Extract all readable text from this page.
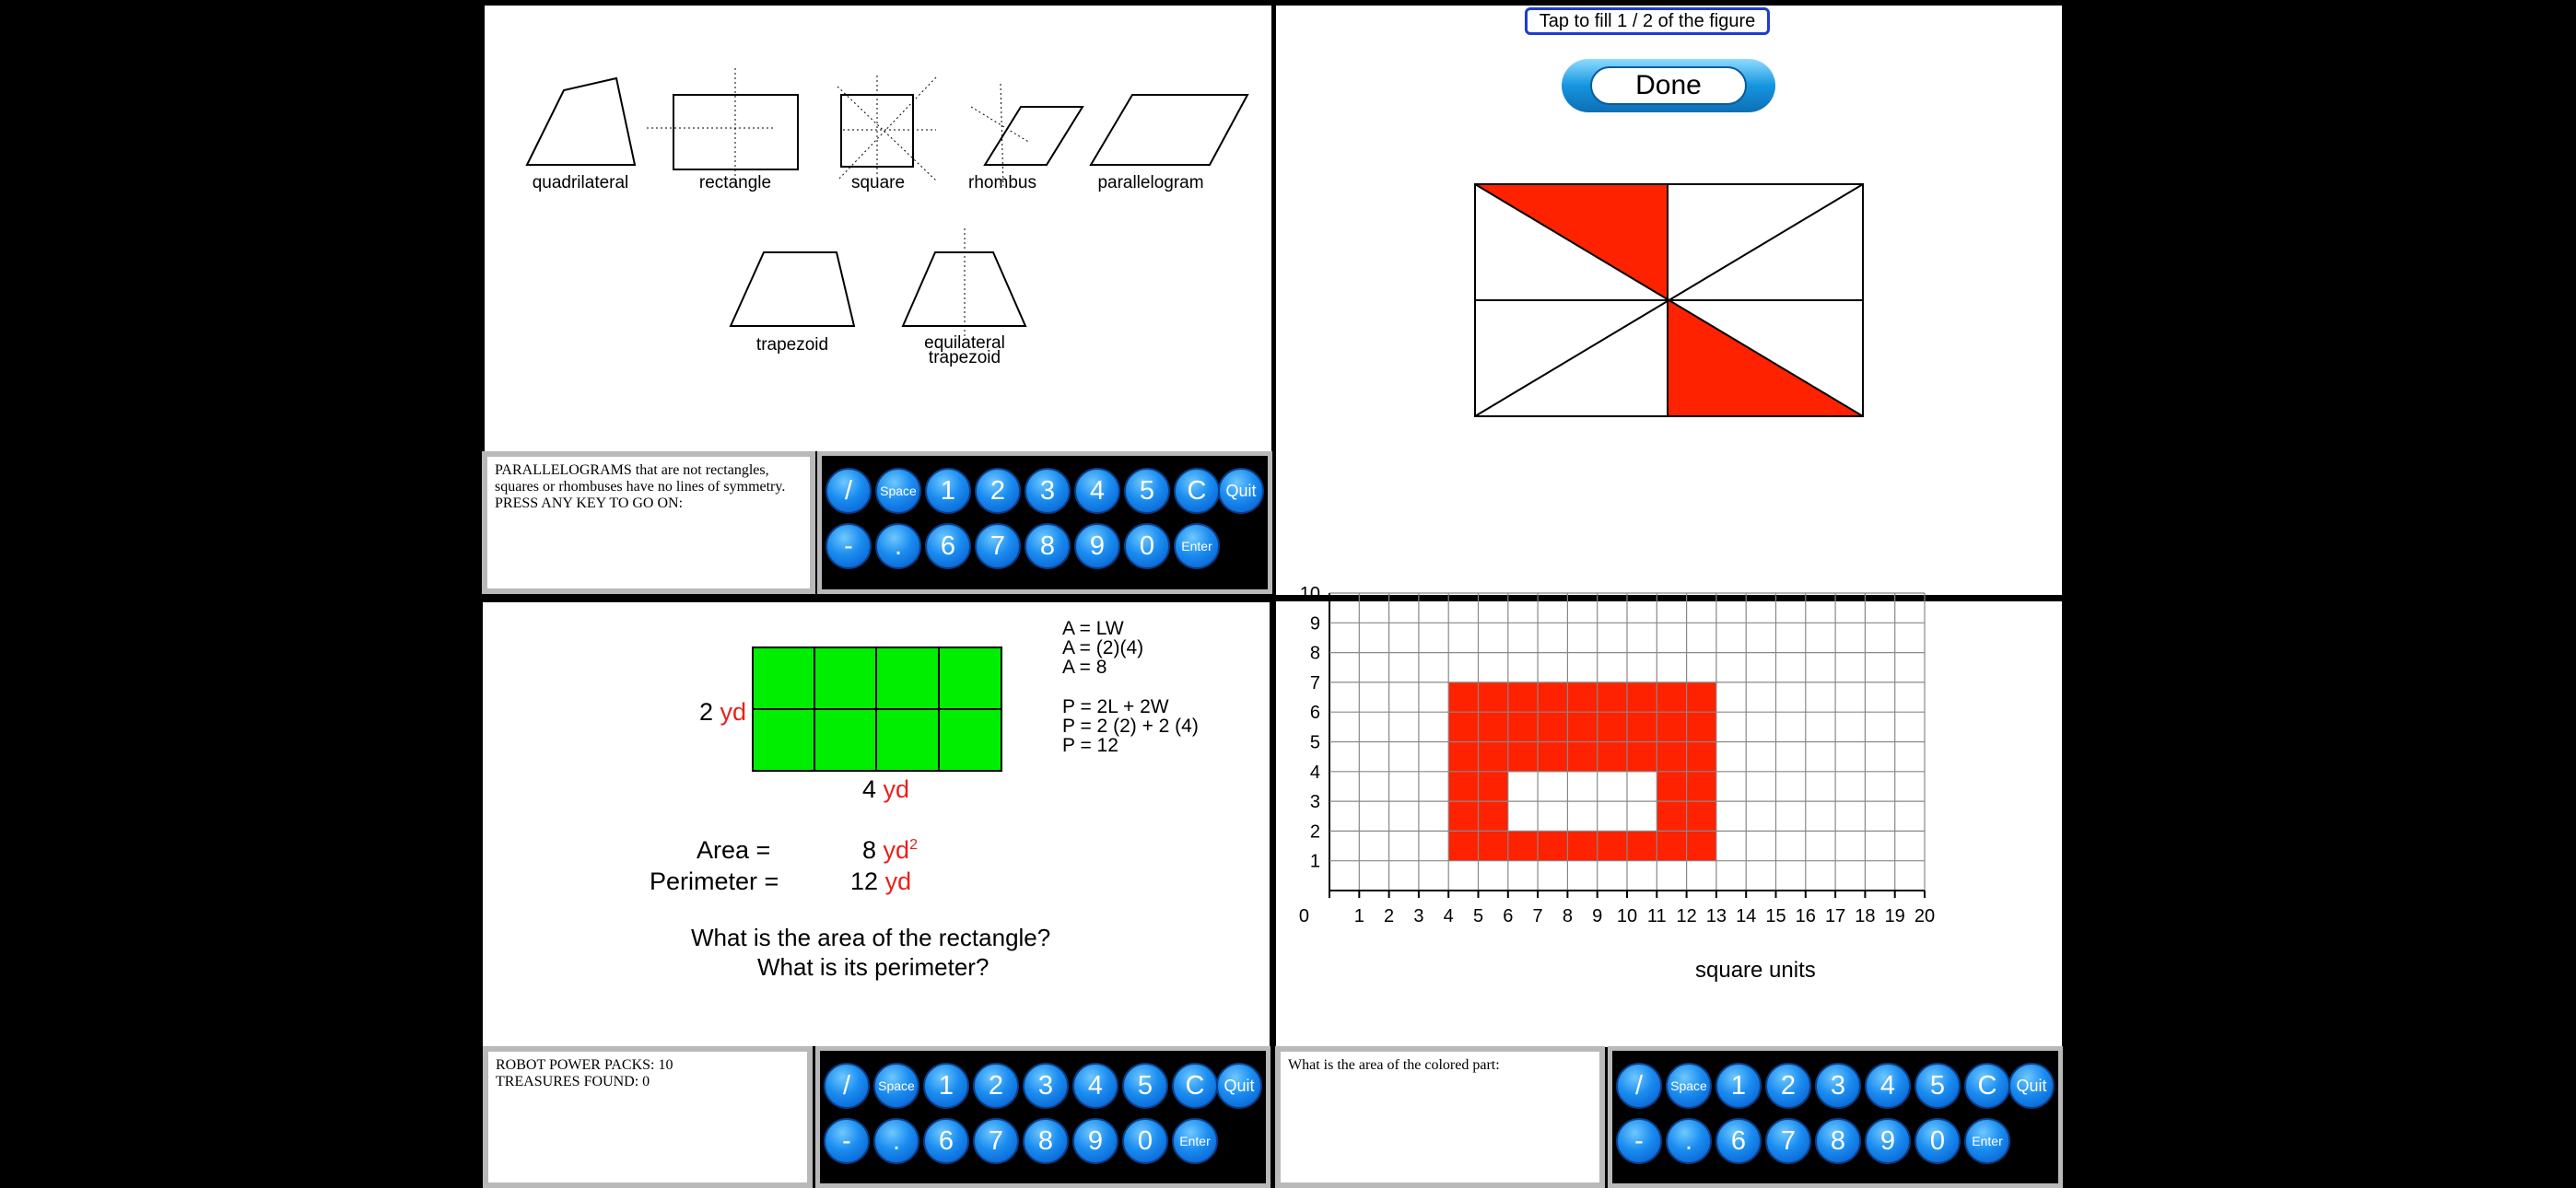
quadrilateral	rectangle	square	rhombus	parallelogram
trapezoid	equilateral
trapezoid
PARALLELOGRAMS that are not rectangles, squares or rhombuses have no lines of symmetry.
PRESS ANY KEY TO GO ON:	/	Space 1	2	3	4	5	C	Quit
-	.	6	7	8	9	0	Enter
Tap to fill 1 / 2 of the figure
Done
2 yd
4 yd
A = LW
A = (2)(4)
A = 8
P = 2L + 2W
P = 2 (2) + 2 (4)
P = 12
Area =	8 $yd^2$
Perimeter =	12 yd
What is the area of the rectangle?
What is its perimeter?
ROBOT POWER PACKS: 10
TREASURES FOUND: 0	/	Space 1	2	3	4	5	C	Quit
-	.	6	7	8	9	0	Enter
1 2 3 4 5 6 7 8 9 10 11 12 13 14 15 16 17 18 19 20
1
2
3
4
5
6
7
8
9
10
0
square units
What is the area of the colored part:
/	Space 1	2	3	4	5	C	Quit
-	.	6	7	8	9	0	Enter
